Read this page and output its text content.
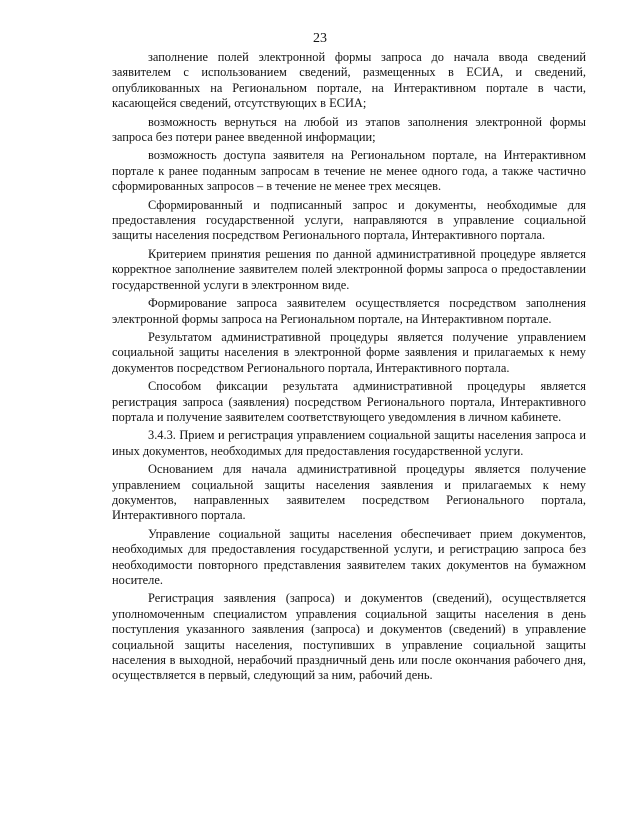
23

заполнение полей электронной формы запроса до начала ввода сведений заявителем с использованием сведений, размещенных в ЕСИА, и сведений, опубликованных на Региональном портале, на Интерактивном портале в части, касающейся сведений, отсутствующих в ЕСИА;

возможность вернуться на любой из этапов заполнения электронной формы запроса без потери ранее введенной информации;

возможность доступа заявителя на Региональном портале, на Интерактивном портале к ранее поданным запросам в течение не менее одного года, а также частично сформированных запросов – в течение не менее трех месяцев.

Сформированный и подписанный запрос и документы, необходимые для предоставления государственной услуги, направляются в управление социальной защиты населения посредством Регионального портала, Интерактивного портала.

Критерием принятия решения по данной административной процедуре является корректное заполнение заявителем полей электронной формы запроса о предоставлении государственной услуги в электронном виде.

Формирование запроса заявителем осуществляется посредством заполнения электронной формы запроса на Региональном портале, на Интерактивном портале.

Результатом административной процедуры является получение управлением социальной защиты населения в электронной форме заявления и прилагаемых к нему документов посредством Регионального портала, Интерактивного портала.

Способом фиксации результата административной процедуры является регистрация запроса (заявления) посредством Регионального портала, Интерактивного портала и получение заявителем соответствующего уведомления в личном кабинете.

3.4.3. Прием и регистрация управлением социальной защиты населения запроса и иных документов, необходимых для предоставления государственной услуги.

Основанием для начала административной процедуры является получение управлением социальной защиты населения заявления и прилагаемых к нему документов, направленных заявителем посредством Регионального портала, Интерактивного портала.

Управление социальной защиты населения обеспечивает прием документов, необходимых для предоставления государственной услуги, и регистрацию запроса без необходимости повторного представления заявителем таких документов на бумажном носителе.

Регистрация заявления (запроса) и документов (сведений), осуществляется уполномоченным специалистом управления социальной защиты населения в день поступления указанного заявления (запроса) и документов (сведений) в управление социальной защиты населения, поступивших в управление социальной защиты населения в выходной, нерабочий праздничный день или после окончания рабочего дня, осуществляется в первый, следующий за ним, рабочий день.
